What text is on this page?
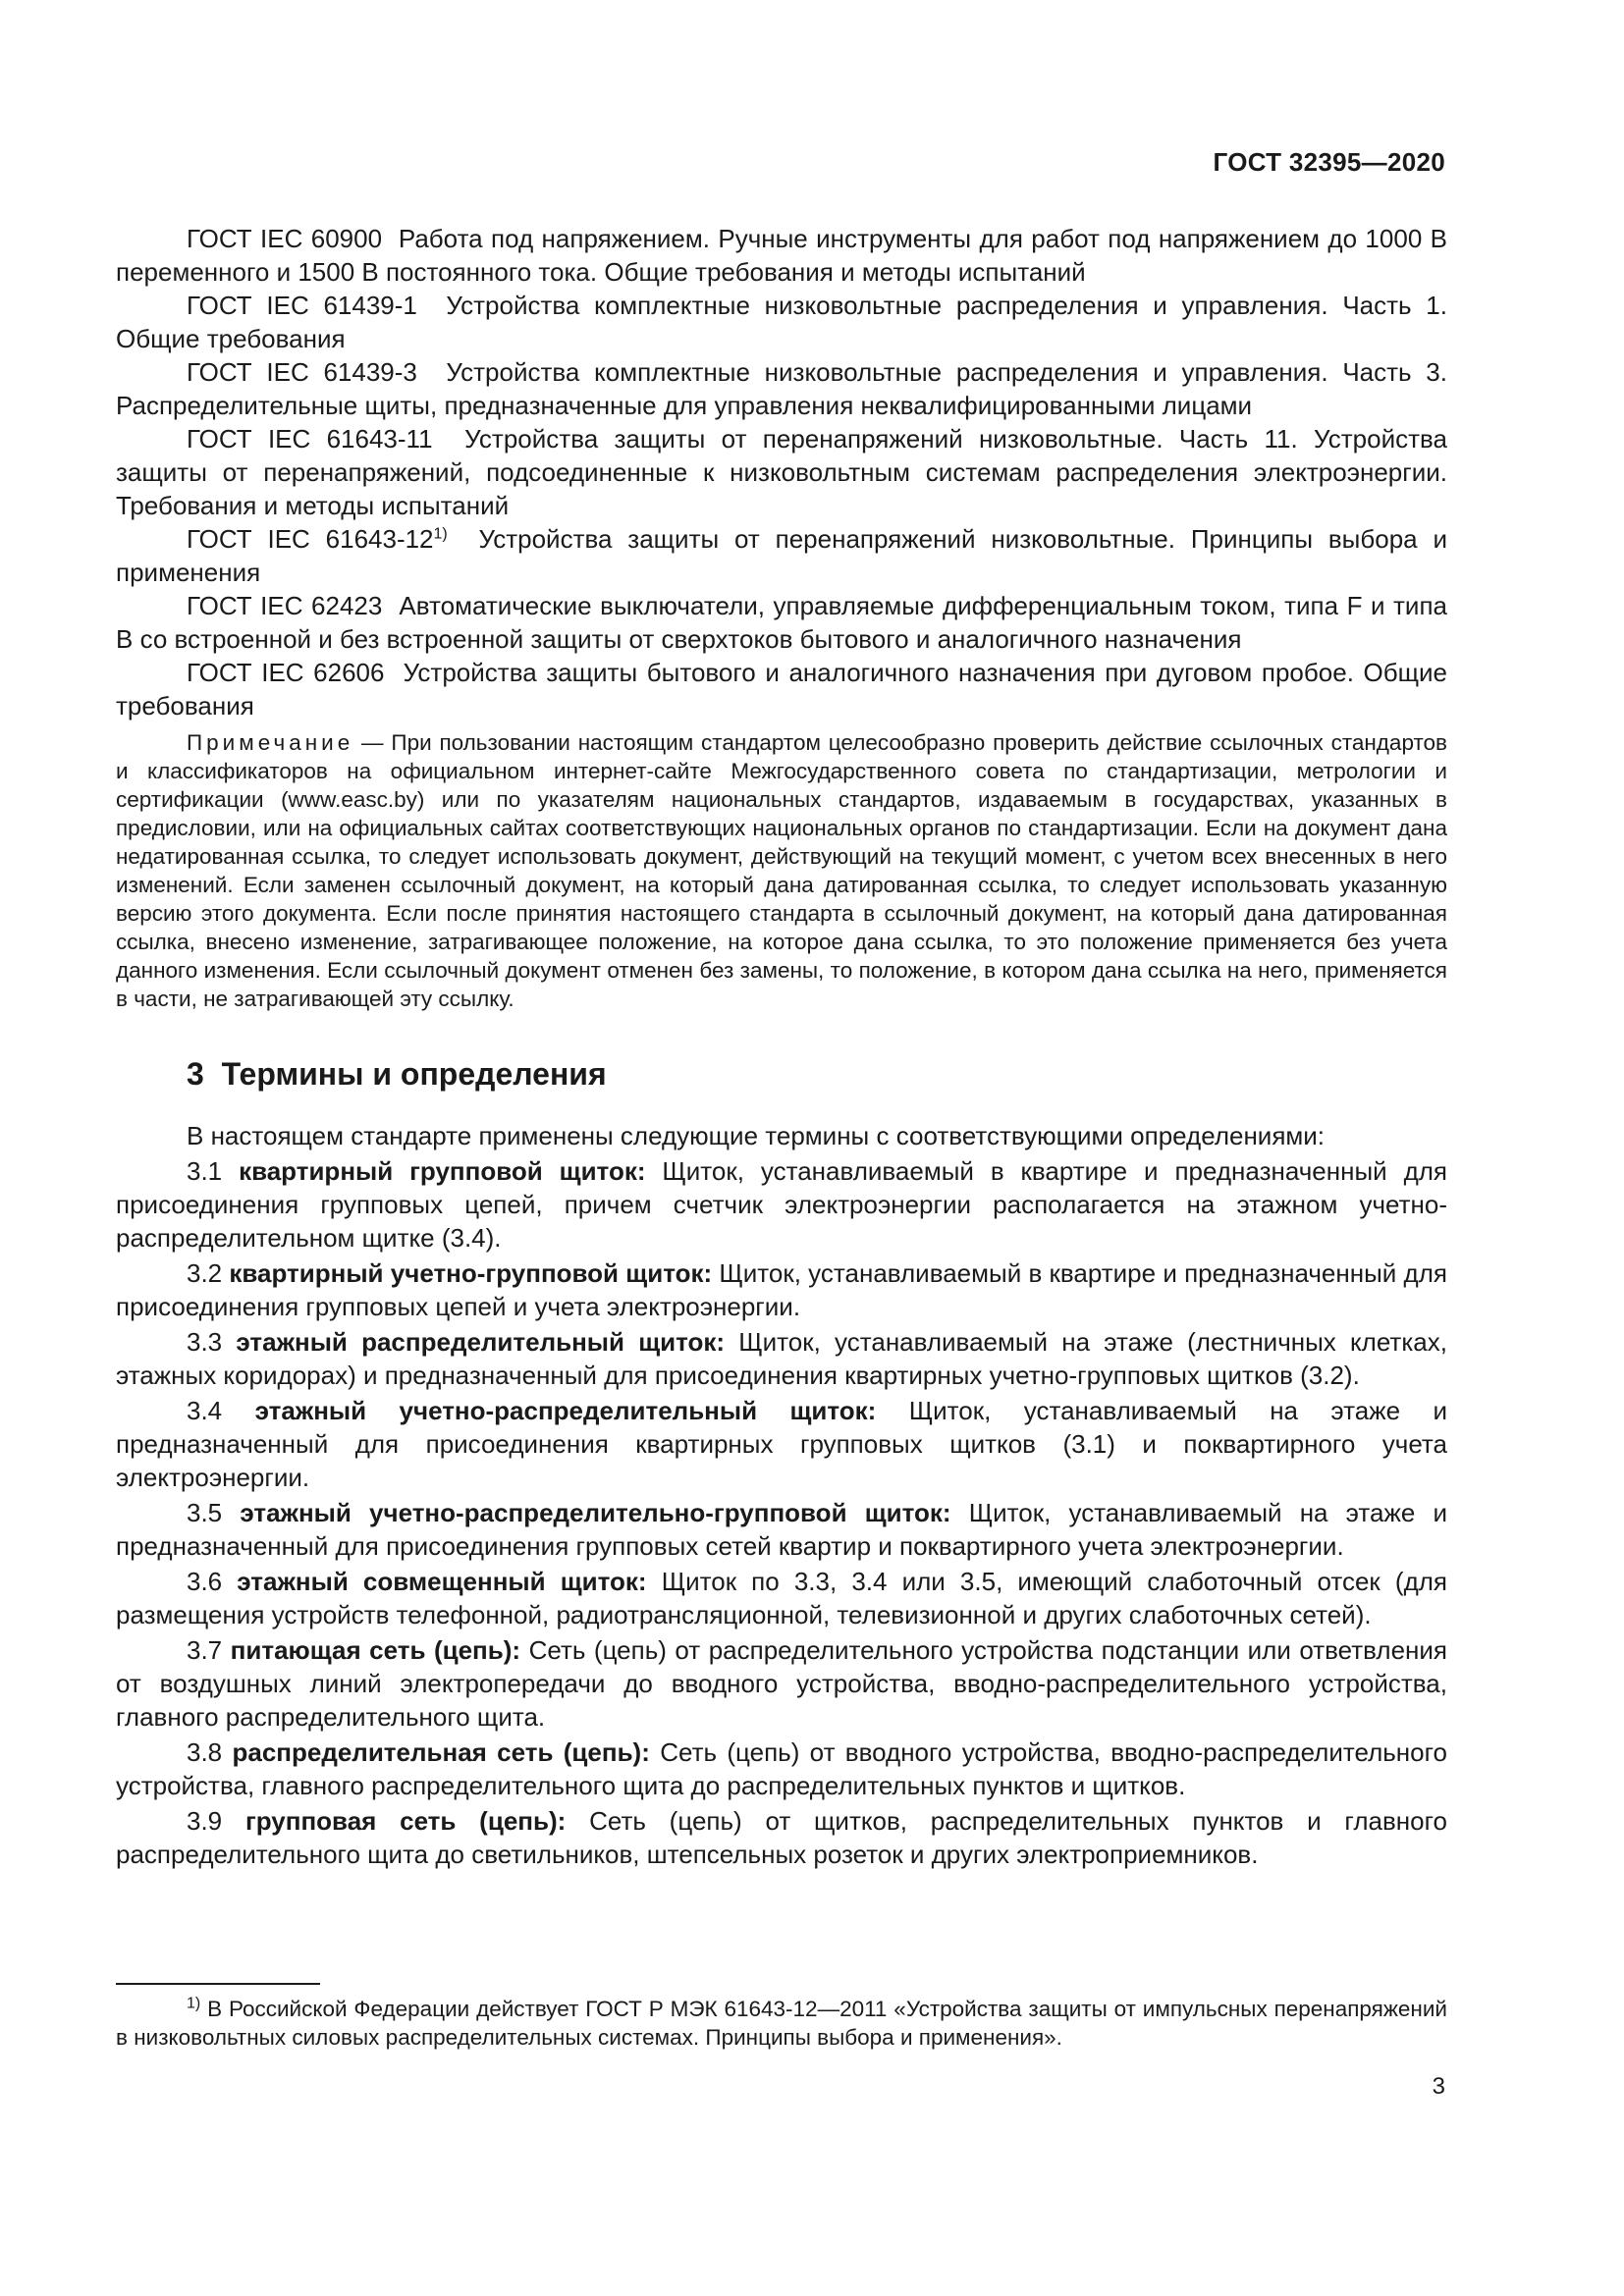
ГОСТ 32395—2020

ГОСТ IEC 60900 Работа под напряжением. Ручные инструменты для работ под напряжением до 1000 В переменного и 1500 В постоянного тока. Общие требования и методы испытаний

ГОСТ IEC 61439-1 Устройства комплектные низковольтные распределения и управления. Часть 1. Общие требования

ГОСТ IEC 61439-3 Устройства комплектные низковольтные распределения и управления. Часть 3. Распределительные щиты, предназначенные для управления неквалифицированными лицами

ГОСТ IEC 61643-11 Устройства защиты от перенапряжений низковольтные. Часть 11. Устройства защиты от перенапряжений, подсоединенные к низковольтным системам распределения электроэнергии. Требования и методы испытаний

ГОСТ IEC 61643-12$^{1)}$ Устройства защиты от перенапряжений низковольтные. Принципы выбора и применения

ГОСТ IEC 62423 Автоматические выключатели, управляемые дифференциальным током, типа F и типа B со встроенной и без встроенной защиты от сверхтоков бытового и аналогичного назначения

ГОСТ IEC 62606 Устройства защиты бытового и аналогичного назначения при дуговом пробое. Общие требования

Примечание — При пользовании настоящим стандартом целесообразно проверить действие ссылочных стандартов и классификаторов на официальном интернет-сайте Межгосударственного совета по стандартизации, метрологии и сертификации (www.easc.by) или по указателям национальных стандартов, издаваемым в государствах, указанных в предисловии, или на официальных сайтах соответствующих национальных органов по стандартизации. Если на документ дана недатированная ссылка, то следует использовать документ, действующий на текущий момент, с учетом всех внесенных в него изменений. Если заменен ссылочный документ, на который дана датированная ссылка, то следует использовать указанную версию этого документа. Если после принятия настоящего стандарта в ссылочный документ, на который дана датированная ссылка, внесено изменение, затрагивающее положение, на которое дана ссылка, то это положение применяется без учета данного изменения. Если ссылочный документ отменен без замены, то положение, в котором дана ссылка на него, применяется в части, не затрагивающей эту ссылку.
3 Термины и определения

В настоящем стандарте применены следующие термины с соответствующими определениями:

3.1 квартирный групповой щиток: Щиток, устанавливаемый в квартире и предназначенный для присоединения групповых цепей, причем счетчик электроэнергии располагается на этажном учетно-распределительном щитке (3.4).

3.2 квартирный учетно-групповой щиток: Щиток, устанавливаемый в квартире и предназначенный для присоединения групповых цепей и учета электроэнергии.

3.3 этажный распределительный щиток: Щиток, устанавливаемый на этаже (лестничных клетках, этажных коридорах) и предназначенный для присоединения квартирных учетно-групповых щитков (3.2).

3.4 этажный учетно-распределительный щиток: Щиток, устанавливаемый на этаже и предназначенный для присоединения квартирных групповых щитков (3.1) и поквартирного учета электроэнергии.

3.5 этажный учетно-распределительно-групповой щиток: Щиток, устанавливаемый на этаже и предназначенный для присоединения групповых сетей квартир и поквартирного учета электроэнергии.

3.6 этажный совмещенный щиток: Щиток по 3.3, 3.4 или 3.5, имеющий слаботочный отсек (для размещения устройств телефонной, радиотрансляционной, телевизионной и других слаботочных сетей).

3.7 питающая сеть (цепь): Сеть (цепь) от распределительного устройства подстанции или ответвления от воздушных линий электропередачи до вводного устройства, вводно-распределительного устройства, главного распределительного щита.

3.8 распределительная сеть (цепь): Сеть (цепь) от вводного устройства, вводно-распределительного устройства, главного распределительного щита до распределительных пунктов и щитков.

3.9 групповая сеть (цепь): Сеть (цепь) от щитков, распределительных пунктов и главного распределительного щита до светильников, штепсельных розеток и других электроприемников.

$^{1)}$ В Российской Федерации действует ГОСТ Р МЭК 61643-12—2011 «Устройства защиты от импульсных перенапряжений в низковольтных силовых распределительных системах. Принципы выбора и применения».
3
